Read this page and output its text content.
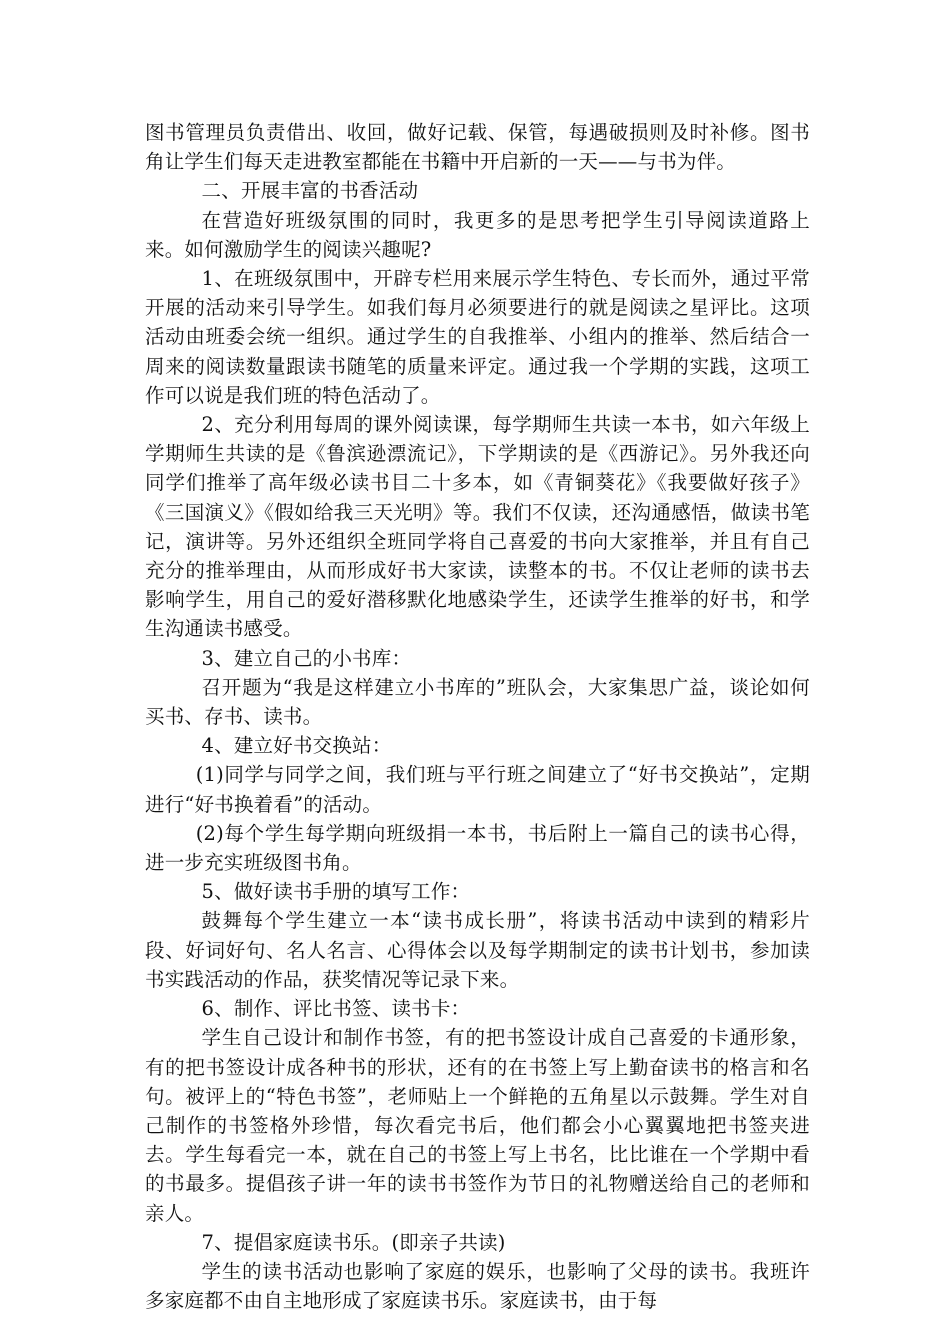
图书管理员负责借出、收回，做好记载、保管，每遇破损则及时补修。图书角让学生们每天走进教室都能在书籍中开启新的一天——与书为伴。

二、开展丰富的书香活动

在营造好班级氛围的同时，我更多的是思考把学生引导阅读道路上来。如何激励学生的阅读兴趣呢?

1、在班级氛围中，开辟专栏用来展示学生特色、专长而外，通过平常开展的活动来引导学生。如我们每月必须要进行的就是阅读之星评比。这项活动由班委会统一组织。通过学生的自我推举、小组内的推举、然后结合一周来的阅读数量跟读书随笔的质量来评定。通过我一个学期的实践，这项工作可以说是我们班的特色活动了。

2、充分利用每周的课外阅读课，每学期师生共读一本书，如六年级上学期师生共读的是《鲁滨逊漂流记》，下学期读的是《西游记》。另外我还向同学们推举了高年级必读书目二十多本，如《青铜葵花》《我要做好孩子》《三国演义》《假如给我三天光明》等。我们不仅读，还沟通感悟，做读书笔记，演讲等。另外还组织全班同学将自己喜爱的书向大家推举，并且有自己充分的推举理由，从而形成好书大家读，读整本的书。不仅让老师的读书去影响学生，用自己的爱好潜移默化地感染学生，还读学生推举的好书，和学生沟通读书感受。

3、建立自己的小书库：

召开题为“我是这样建立小书库的”班队会，大家集思广益，谈论如何买书、存书、读书。

4、建立好书交换站：

(1)同学与同学之间，我们班与平行班之间建立了“好书交换站”，定期进行“好书换着看”的活动。

(2)每个学生每学期向班级捐一本书，书后附上一篇自己的读书心得，进一步充实班级图书角。

5、做好读书手册的填写工作：

鼓舞每个学生建立一本“读书成长册”，将读书活动中读到的精彩片段、好词好句、名人名言、心得体会以及每学期制定的读书计划书，参加读书实践活动的作品，获奖情况等记录下来。

6、制作、评比书签、读书卡：

学生自己设计和制作书签，有的把书签设计成自己喜爱的卡通形象，有的把书签设计成各种书的形状，还有的在书签上写上勤奋读书的格言和名句。被评上的“特色书签”，老师贴上一个鲜艳的五角星以示鼓舞。学生对自己制作的书签格外珍惜，每次看完书后，他们都会小心翼翼地把书签夹进去。学生每看完一本，就在自己的书签上写上书名，比比谁在一个学期中看的书最多。提倡孩子讲一年的读书书签作为节日的礼物赠送给自己的老师和亲人。

7、提倡家庭读书乐。(即亲子共读)

学生的读书活动也影响了家庭的娱乐，也影响了父母的读书。我班许多家庭都不由自主地形成了家庭读书乐。家庭读书，由于每
